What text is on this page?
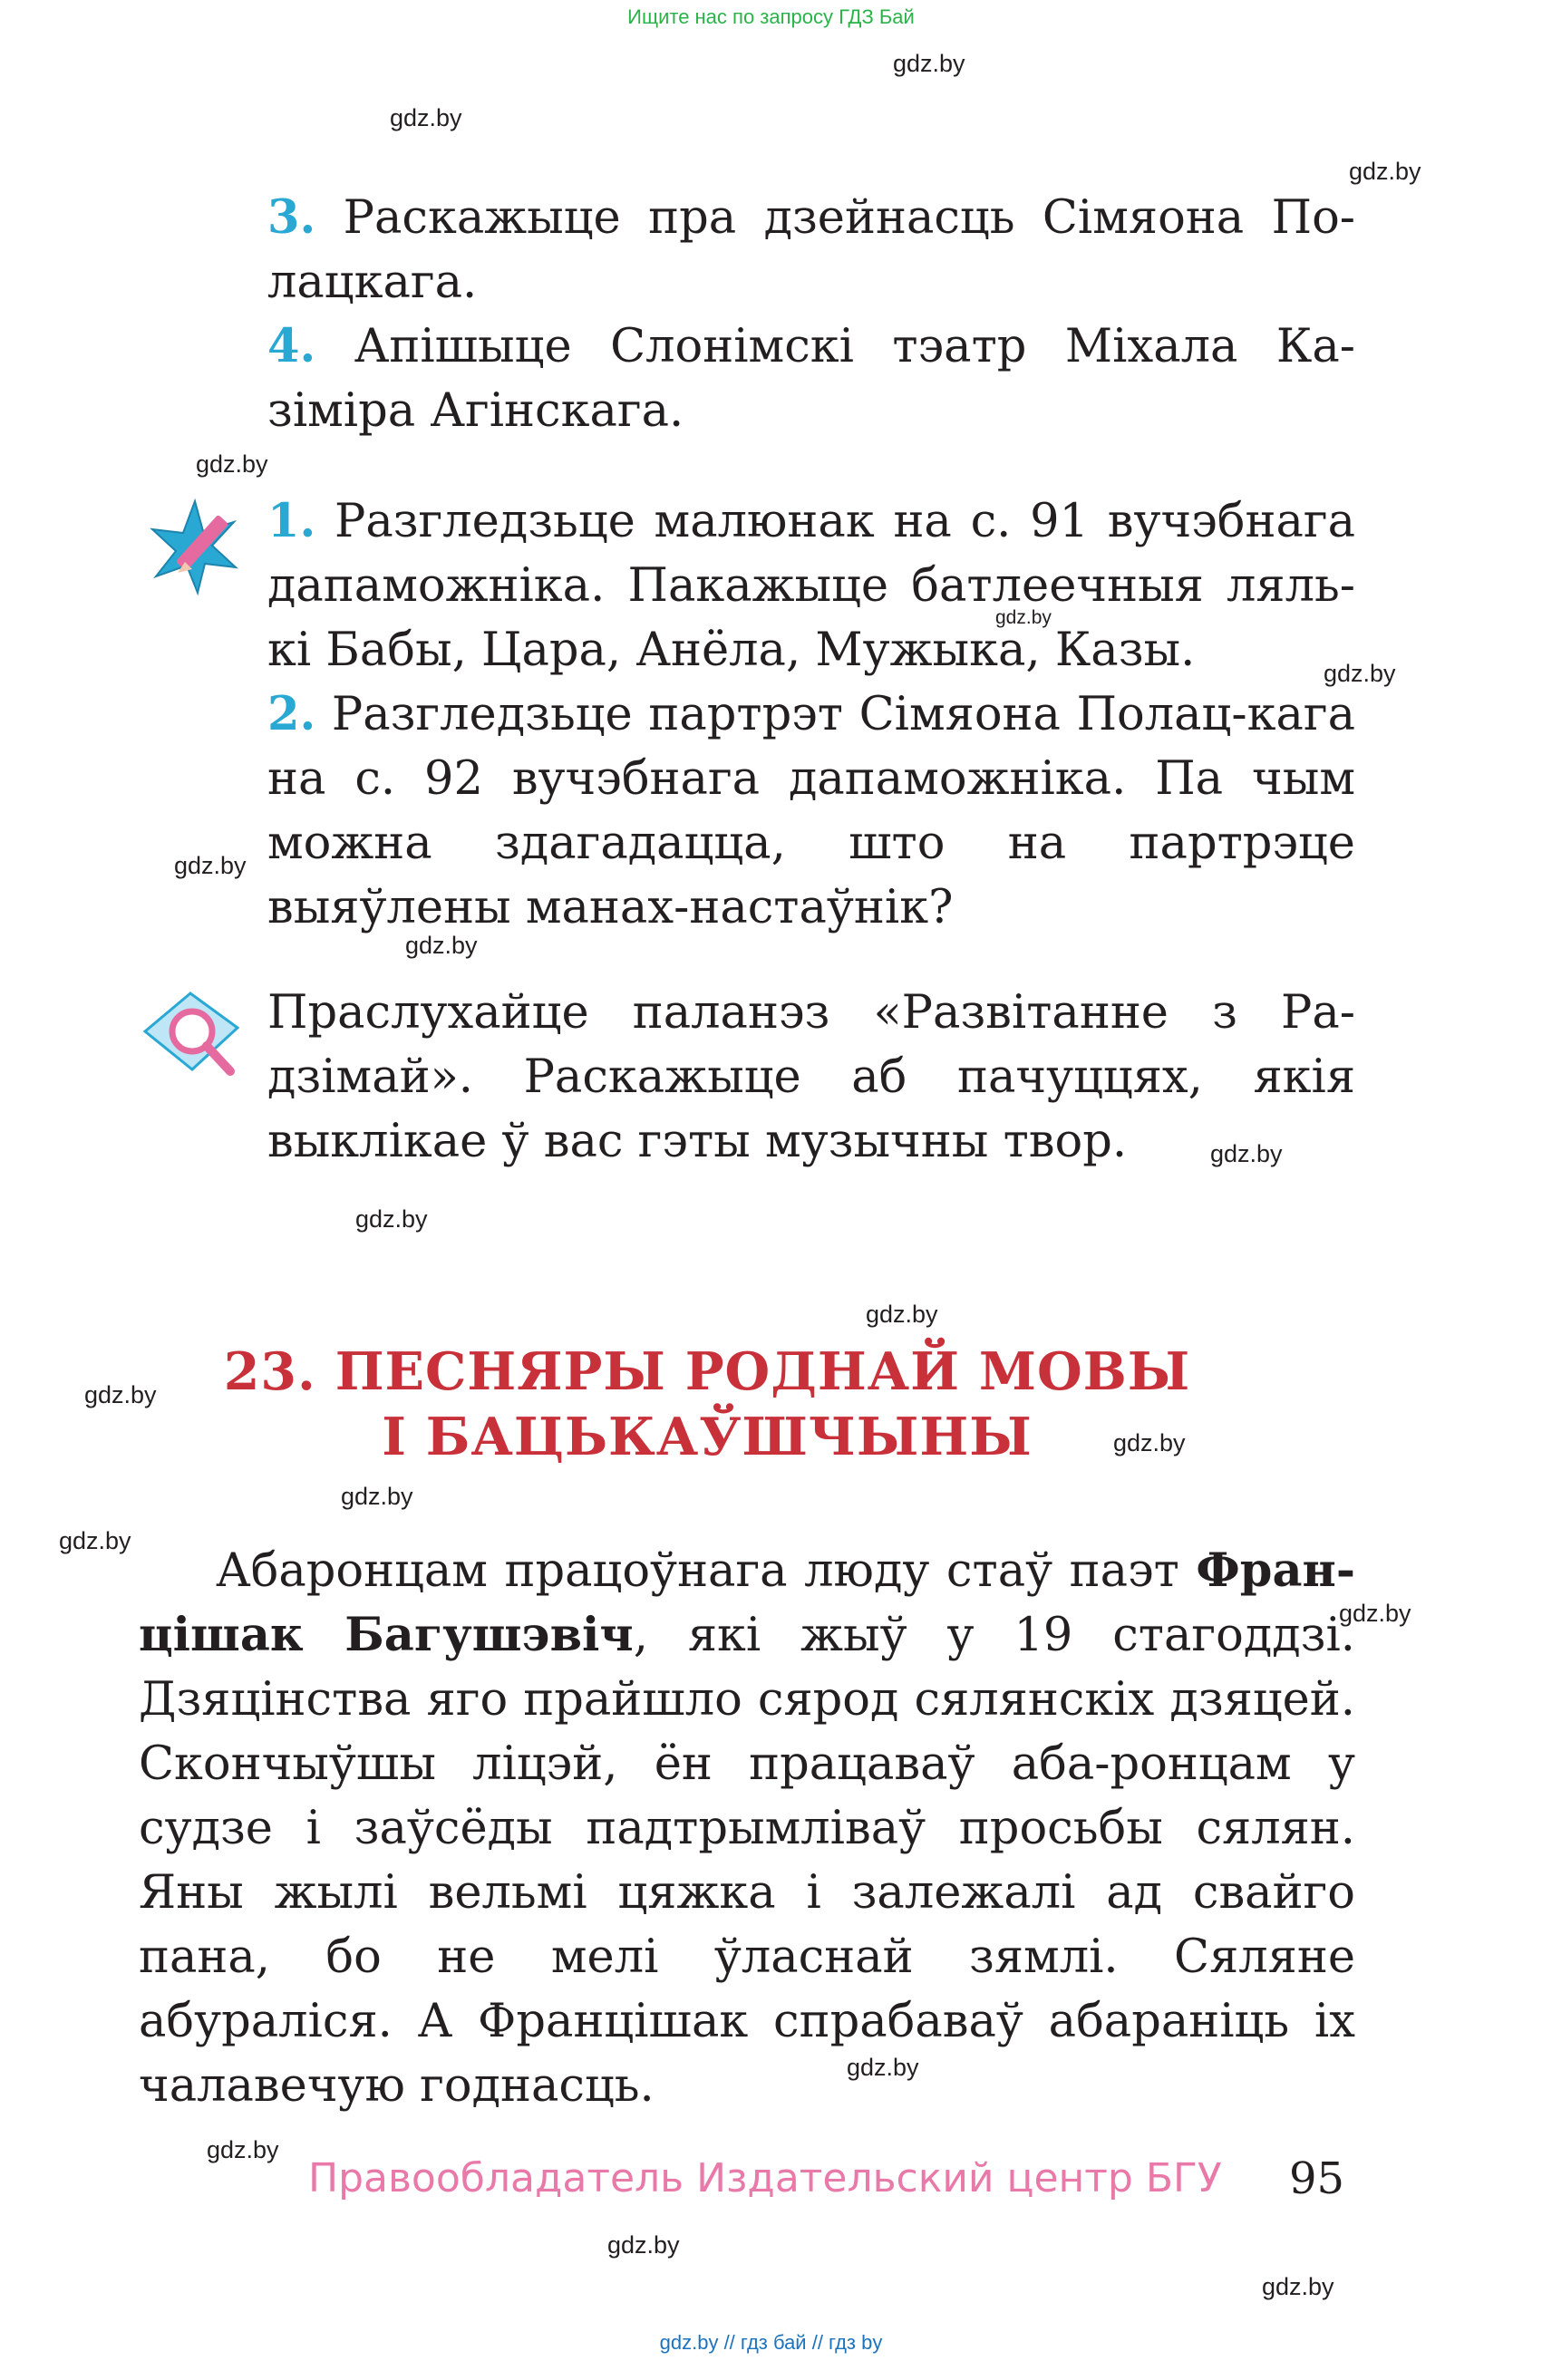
Ищите нас по запросу ГДЗ Бай
gdz.by
gdz.by
gdz.by
gdz.by
gdz.by
gdz.by
gdz.by
gdz.by
gdz.by
gdz.by
gdz.by
gdz.by
gdz.by
gdz.by
gdz.by
gdz.by
gdz.by
gdz.by
gdz.by
gdz.by
3. Раскажыце пра дзейнасць Сімяона По-лацкага.
4. Апішыце Слонімскі тэатр Міхала Ка-зіміра Агінскага.
1. Разгледзьце малюнак на с. 91 вучэбнага дапаможніка. Пакажыце батлеечныя ляль-кі Бабы, Цара, Анёла, Мужыка, Казы.
2. Разгледзьце партрэт Сімяона Полац-кага на с. 92 вучэбнага дапаможніка. Па чым можна здагадацца, што на партрэце выяўлены манах-настаўнік?
Праслухайце паланэз «Развітанне з Ра-дзімай». Раскажыце аб пачуццях, якія выклікае ў вас гэты музычны твор.
23. ПЕСНЯРЫ РОДНАЙ МОВЫ
І БАЦЬКАЎШЧЫНЫ
Абаронцам працоўнага люду стаў паэт Фран-цішак Багушэвіч, які жыў у 19 стагоддзі. Дзяцінства яго прайшло сярод сялянскіх дзяцей. Скончыўшы ліцэй, ён працаваў аба-ронцам у судзе і заўсёды падтрымліваў просьбы сялян. Яны жылі вельмі цяжка і залежалі ад свайго пана, бо не мелі ўласнай зямлі. Сяляне абураліся. А Францішак спрабаваў абараніць іх чалавечую годнасць.
Правообладатель Издательский центр БГУ 95
gdz.by // гдз бай // гдз by
